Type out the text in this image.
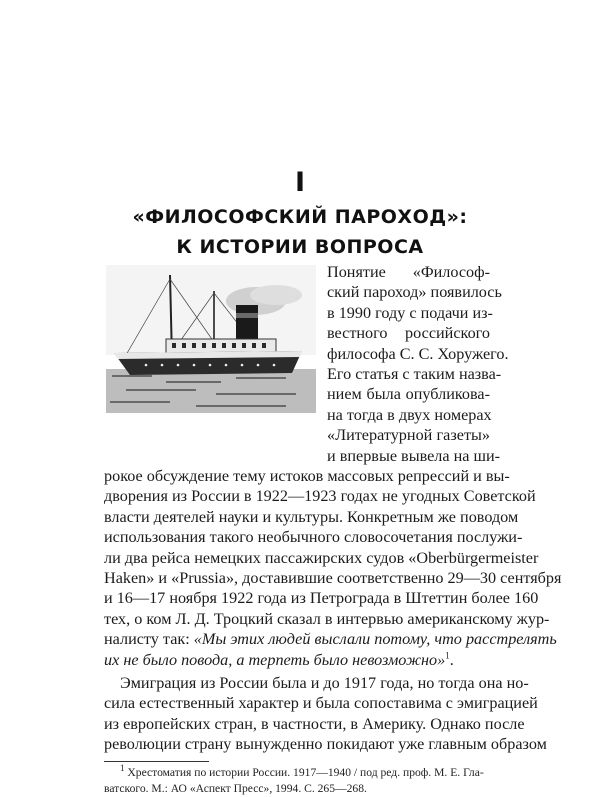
I
«ФИЛОСОФСКИЙ ПАРОХОД»:
К ИСТОРИИ ВОПРОСА
Понятие «Философ-
ский пароход» появилось
в 1990 году с подачи из-
вестного российского
философа С. С. Хоружего.
Его статья с таким назва-
нием была опубликова-
на тогда в двух номерах
«Литературной газеты»
и впервые вывела на ши-
рокое обсуждение тему истоков массовых репрессий и вы-
дворения из России в 1922—1923 годах не угодных Советской
власти деятелей науки и культуры. Конкретным же поводом
использования такого необычного словосочетания послужи-
ли два рейса немецких пассажирских судов «Oberbürgermeister
Haken» и «Prussia», доставившие соответственно 29—30 сентября
и 16—17 ноября 1922 года из Петрограда в Штеттин более 160
тех, о ком Л. Д. Троцкий сказал в интервью американскому жур-
налисту так: «Мы этих людей выслали потому, что расстрелять
их не было повода, а терпеть было невозможно»$^1$.
$^1$ Хрестоматия по истории России. 1917—1940 / под ред. проф. М. Е. Гла-
ватского. М.: АО «Аспект Пресс», 1994. С. 265—268.
Эмиграция из России была и до 1917 года, но тогда она но-
сила естественный характер и была сопоставима с эмиграцией
из европейских стран, в частности, в Америку. Однако после
революции страну вынужденно покидают уже главным образом
